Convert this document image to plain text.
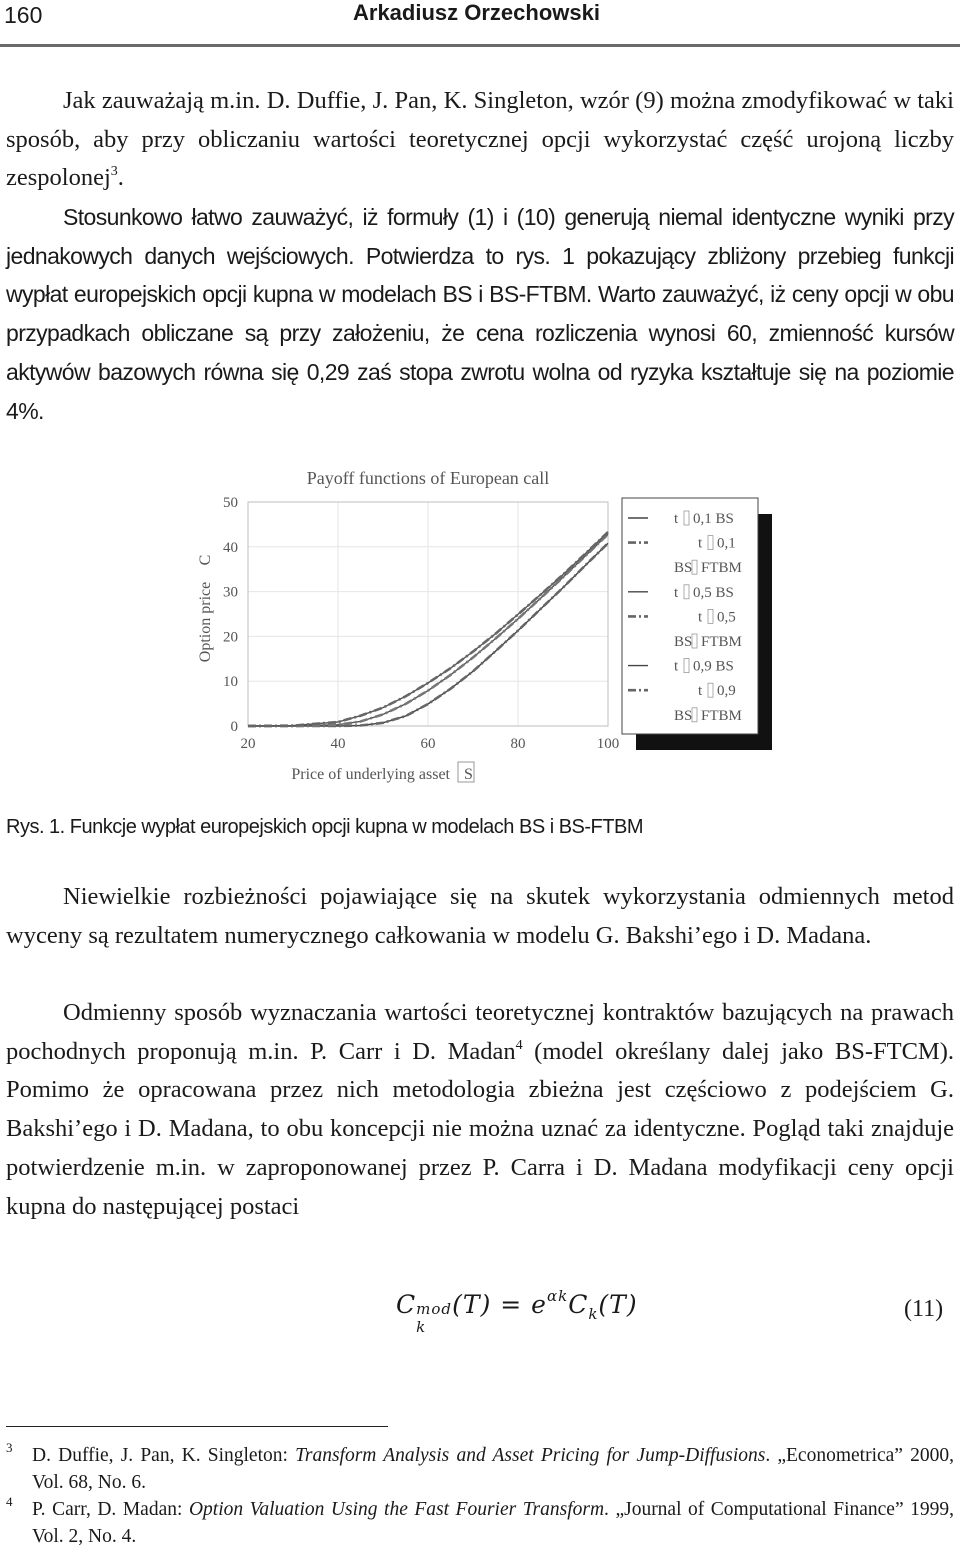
160	Arkadiusz Orzechowski

Jak zauważają m.in. D. Duffie, J. Pan, K. Singleton, wzór (9) można zmodyfikować w taki sposób, aby przy obliczaniu wartości teoretycznej opcji wykorzystać część urojoną liczby zespolonej$^3$.

Stosunkowo łatwo zauważyć, iż formuły (1) i (10) generują niemal identyczne wyniki przy jednakowych danych wejściowych. Potwierdza to rys. 1 pokazujący zbliżony przebieg funkcji wypłat europejskich opcji kupna w modelach BS i BS-FTBM. Warto zauważyć, iż ceny opcji w obu przypadkach obliczane są przy założeniu, że cena rozliczenia wynosi 60, zmienność kursów aktywów bazowych równa się 0,29 zaś stopa zwrotu wolna od ryzyka kształtuje się na poziomie 4%.

20	40	60	80	100
0
10
20
30
40
50
Payoff functions of European call
Price of underlying asset S
Option price
C
t 0,1 BS
t 0,1
BS FTBM
t 0,5 BS
t 0,5
BS FTBM
t 0,9 BS
t 0,9
BS FTBM

Rys. 1. Funkcje wypłat europejskich opcji kupna w modelach BS i BS-FTBM

Niewielkie rozbieżności pojawiające się na skutek wykorzystania odmiennych metod wyceny są rezultatem numerycznego całkowania w modelu G. Bakshi’ego i D. Madana.

Odmienny sposób wyznaczania wartości teoretycznej kontraktów bazujących na prawach pochodnych proponują m.in. P. Carr i D. Madan$^4$ (model określany dalej jako BS-FTCM). Pomimo że opracowana przez nich metodologia zbieżna jest częściowo z podejściem G. Bakshi’ego i D. Madana, to obu koncepcji nie można uznać za identyczne. Pogląd taki znajduje potwierdzenie m.in. w zaproponowanej przez P. Carra i D. Madana modyfikacji ceny opcji kupna do następującej postaci

C mod
k
$(T) = e^{\alpha k}C_k(T)$	(11)

3	D. Duffie, J. Pan, K. Singleton: Transform Analysis and Asset Pricing for Jump-Diffusions. „Econometrica” 2000, Vol. 68, No. 6.

4	P. Carr, D. Madan: Option Valuation Using the Fast Fourier Transform. „Journal of Computational Finance” 1999, Vol. 2, No. 4.
